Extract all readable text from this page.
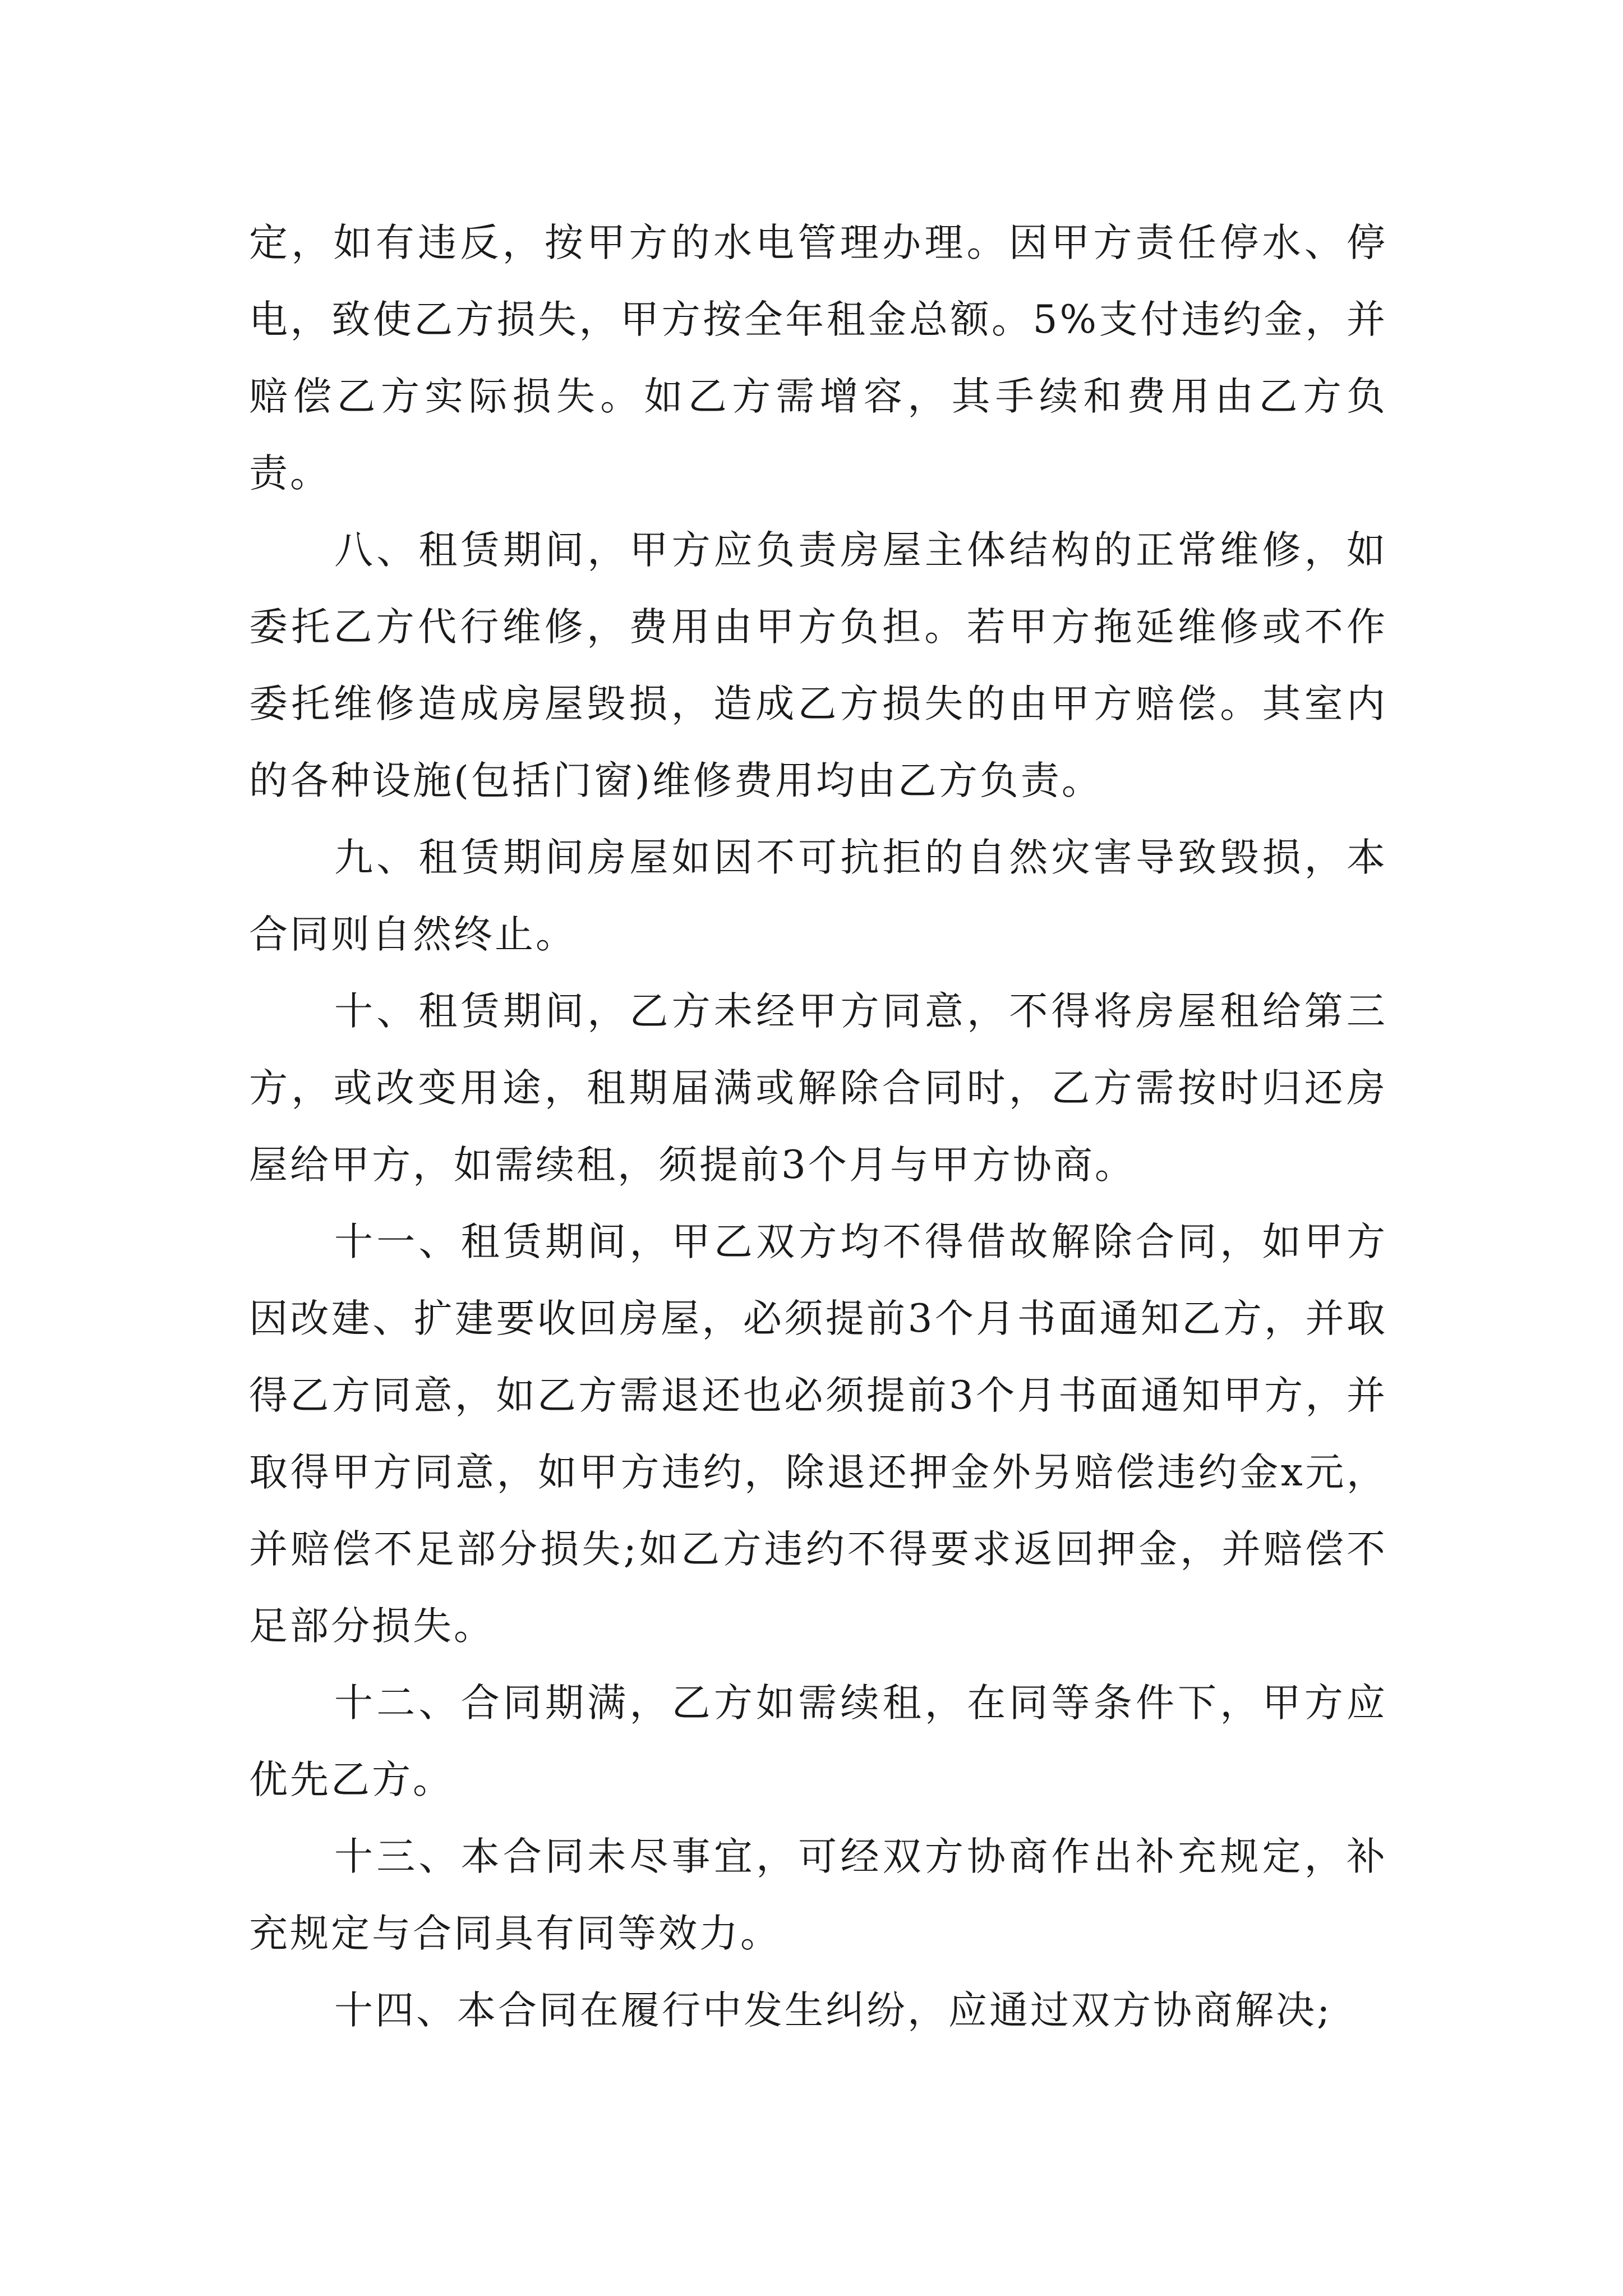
定，如有违反，按甲方的水电管理办理。因甲方责任停水、停电，致使乙方损失，甲方按全年租金总额。5%支付违约金，并赔偿乙方实际损失。如乙方需增容，其手续和费用由乙方负责。

八、租赁期间，甲方应负责房屋主体结构的正常维修，如委托乙方代行维修，费用由甲方负担。若甲方拖延维修或不作委托维修造成房屋毁损，造成乙方损失的由甲方赔偿。其室内的各种设施(包括门窗)维修费用均由乙方负责。

九、租赁期间房屋如因不可抗拒的自然灾害导致毁损，本合同则自然终止。

十、租赁期间，乙方未经甲方同意，不得将房屋租给第三方，或改变用途，租期届满或解除合同时，乙方需按时归还房屋给甲方，如需续租，须提前3个月与甲方协商。

十一、租赁期间，甲乙双方均不得借故解除合同，如甲方因改建、扩建要收回房屋，必须提前3个月书面通知乙方，并取得乙方同意，如乙方需退还也必须提前3个月书面通知甲方，并取得甲方同意，如甲方违约，除退还押金外另赔偿违约金x元，并赔偿不足部分损失;如乙方违约不得要求返回押金，并赔偿不足部分损失。

十二、合同期满，乙方如需续租，在同等条件下，甲方应优先乙方。

十三、本合同未尽事宜，可经双方协商作出补充规定，补充规定与合同具有同等效力。

十四、本合同在履行中发生纠纷，应通过双方协商解决;
